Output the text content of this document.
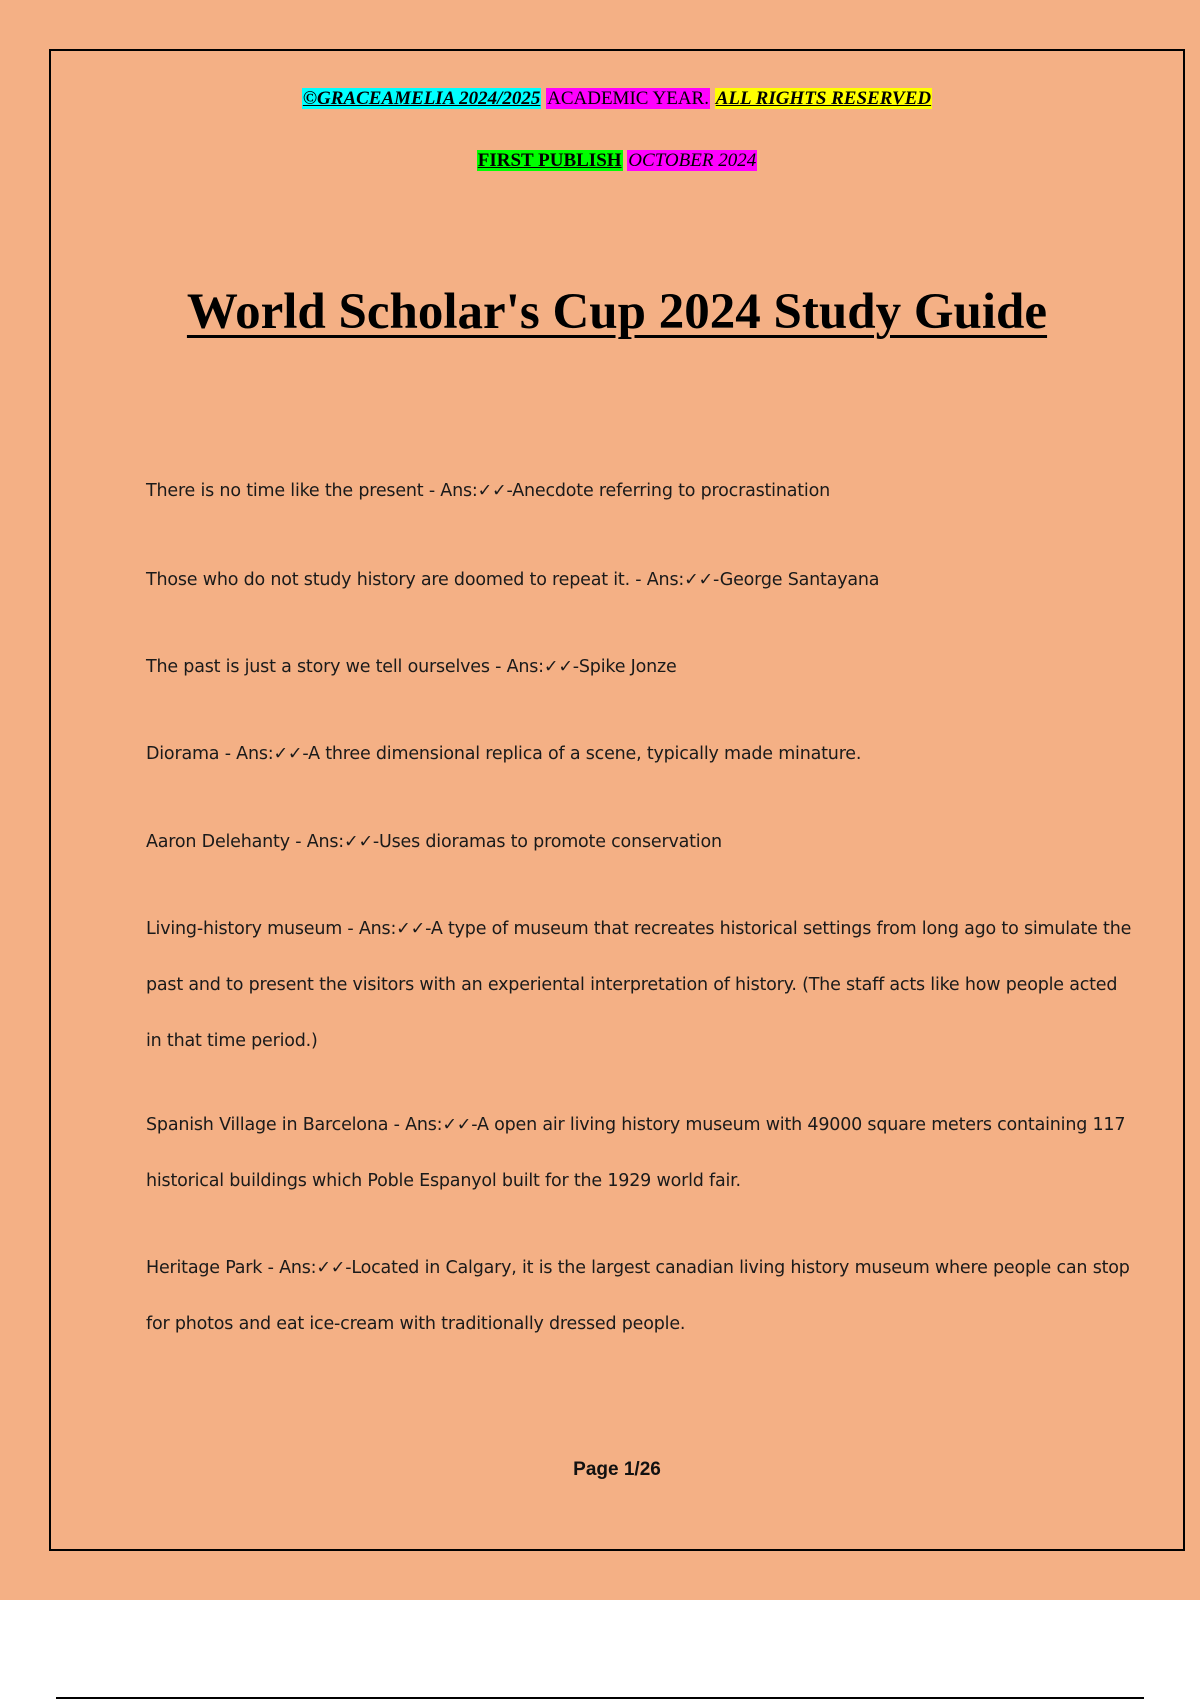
©GRACEAMELIA 2024/2025 ACADEMIC YEAR. ALL RIGHTS RESERVED
FIRST PUBLISH OCTOBER 2024
World Scholar's Cup 2024 Study Guide
There is no time like the present - Ans:✓✓-Anecdote referring to procrastination
Those who do not study history are doomed to repeat it. - Ans:✓✓-George Santayana
The past is just a story we tell ourselves - Ans:✓✓-Spike Jonze
Diorama - Ans:✓✓-A three dimensional replica of a scene, typically made minature.
Aaron Delehanty - Ans:✓✓-Uses dioramas to promote conservation
Living-history museum - Ans:✓✓-A type of museum that recreates historical settings from long ago to simulate the past and to present the visitors with an experiental interpretation of history. (The staff acts like how people acted in that time period.)
Spanish Village in Barcelona - Ans:✓✓-A open air living history museum with 49000 square meters containing 117 historical buildings which Poble Espanyol built for the 1929 world fair.
Heritage Park - Ans:✓✓-Located in Calgary, it is the largest canadian living history museum where people can stop for photos and eat ice-cream with traditionally dressed people.
Page 1/26
